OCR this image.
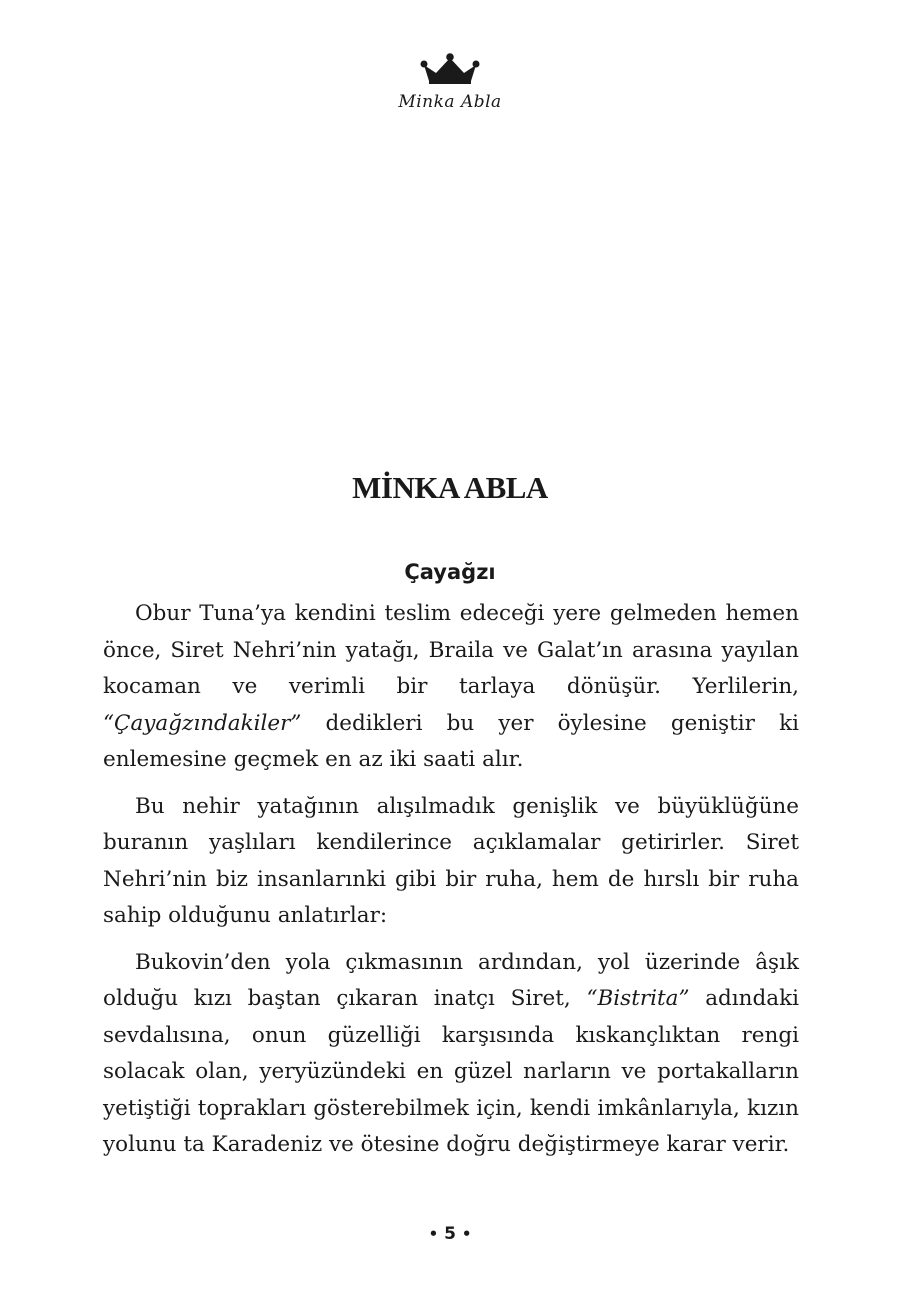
Minka Abla
MİNKA ABLA
Çayağzı

Obur Tuna’ya kendini teslim edeceği yere gelmeden hemen önce, Siret Nehri’nin yatağı, Braila ve Galat’ın arasına yayılan kocaman ve verimli bir tarlaya dönüşür. Yerlilerin, “Çayağzındakiler” dedikleri bu yer öylesine geniştir ki enlemesine geçmek en az iki saati alır.

Bu nehir yatağının alışılmadık genişlik ve büyüklüğüne buranın yaşlıları kendilerince açıklamalar getirirler. Siret Nehri’nin biz insanlarınki gibi bir ruha, hem de hırslı bir ruha sahip olduğunu anlatırlar:

Bukovin’den yola çıkmasının ardından, yol üzerinde âşık olduğu kızı baştan çıkaran inatçı Siret, “Bistrita” adındaki sevdalısına, onun güzelliği karşısında kıskançlıktan rengi solacak olan, yeryüzündeki en güzel narların ve portakalların yetiştiği toprakları gösterebilmek için, kendi imkânlarıyla, kızın yolunu ta Karadeniz ve ötesine doğru değiştirmeye karar verir.

• 5 •
